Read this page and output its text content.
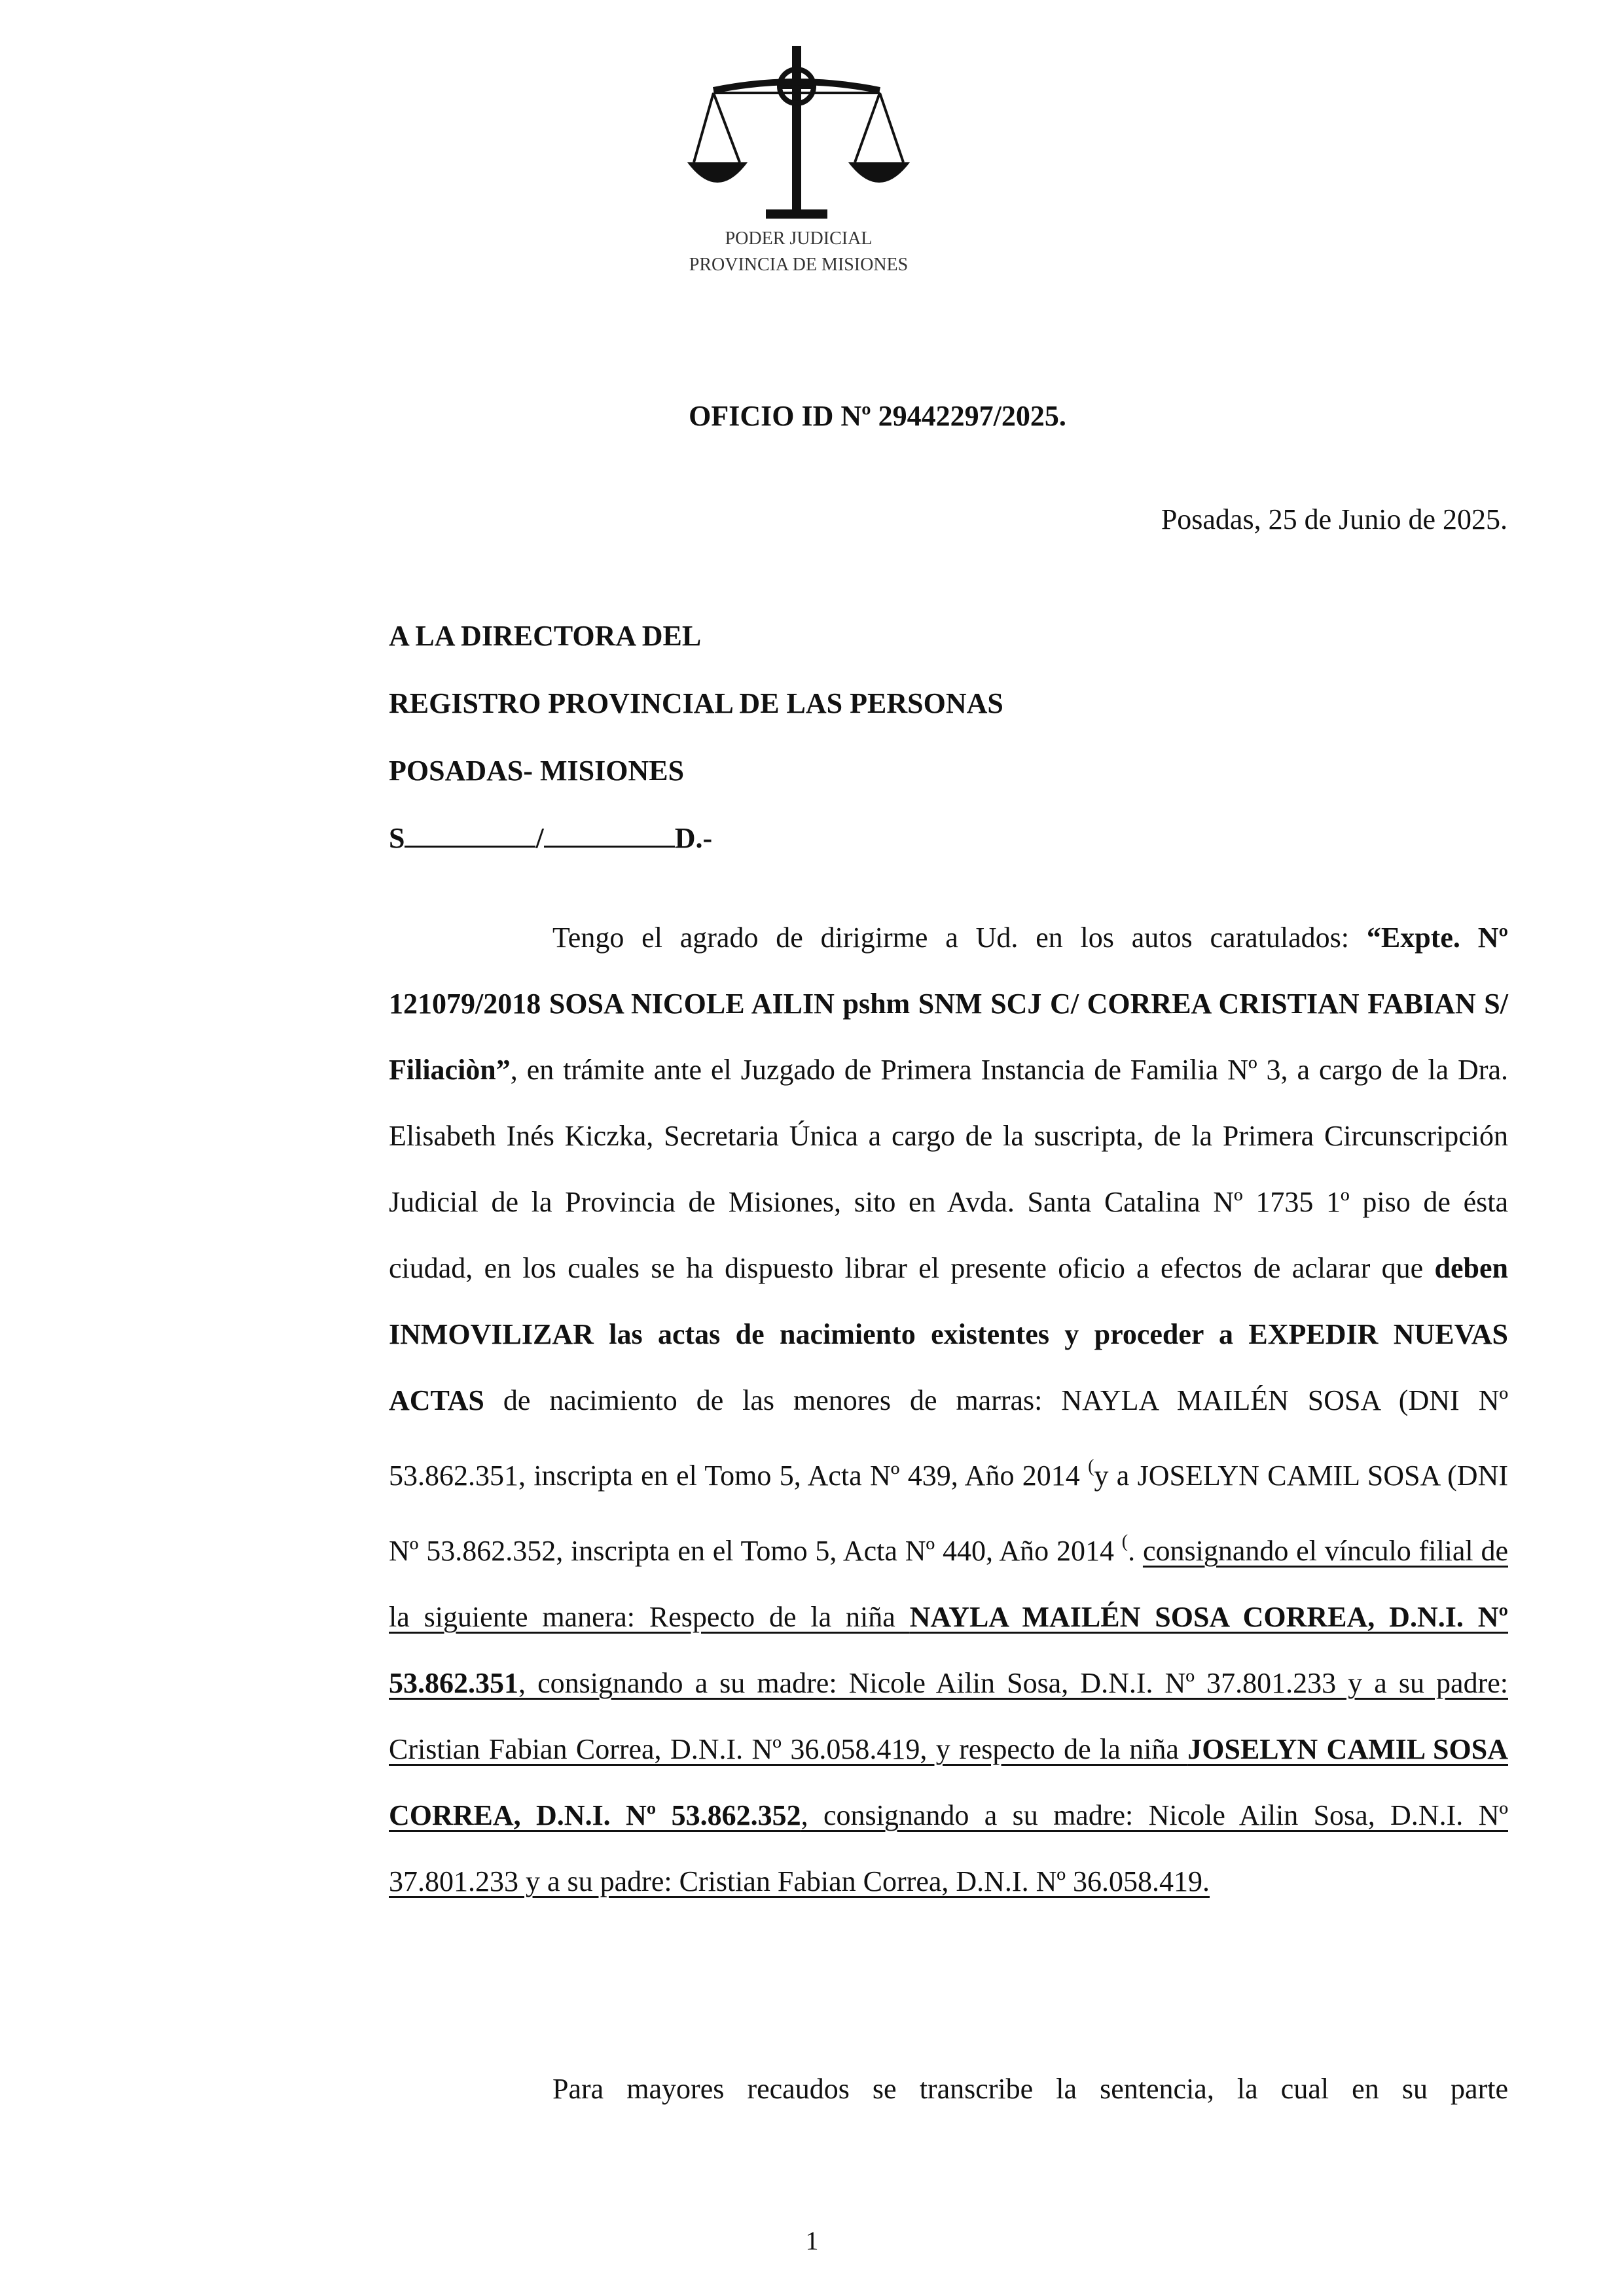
PODER JUDICIAL
PROVINCIA DE MISIONES
OFICIO ID Nº 29442297/2025.
Posadas, 25 de Junio de 2025.
A LA DIRECTORA DEL
REGISTRO PROVINCIAL DE LAS PERSONAS
POSADAS- MISIONES
S	/	D.-
Tengo el agrado de dirigirme a Ud. en los autos caratulados: “Expte. Nº 121079/2018 SOSA NICOLE AILIN pshm SNM SCJ C/ CORREA CRISTIAN FABIAN S/ Filiaciòn”, en trámite ante el Juzgado de Primera Instancia de Familia Nº 3, a cargo de la Dra. Elisabeth Inés Kiczka, Secretaria Única a cargo de la suscripta, de la Primera Circunscripción Judicial de la Provincia de Misiones, sito en Avda. Santa Catalina Nº 1735 1º piso de ésta ciudad, en los cuales se ha dispuesto librar el presente oficio a efectos de aclarar que deben INMOVILIZAR las actas de nacimiento existentes y proceder a EXPEDIR NUEVAS ACTAS de nacimiento de las menores de marras: NAYLA MAILÉN SOSA (DNI Nº 53.862.351, inscripta en el Tomo 5, Acta Nº 439, Año 2014 (y a JOSELYN CAMIL SOSA (DNI Nº 53.862.352, inscripta en el Tomo 5, Acta Nº 440, Año 2014 (. consignando el vínculo filial de la siguiente manera: Respecto de la niña NAYLA MAILÉN SOSA CORREA, D.N.I. Nº 53.862.351, consignando a su madre: Nicole Ailin Sosa, D.N.I. Nº 37.801.233 y a su padre: Cristian Fabian Correa, D.N.I. Nº 36.058.419, y respecto de la niña JOSELYN CAMIL SOSA CORREA, D.N.I. Nº 53.862.352, consignando a su madre: Nicole Ailin Sosa, D.N.I. Nº 37.801.233 y a su padre: Cristian Fabian Correa, D.N.I. Nº 36.058.419.
Para mayores recaudos se transcribe la sentencia, la cual en su parte
1
